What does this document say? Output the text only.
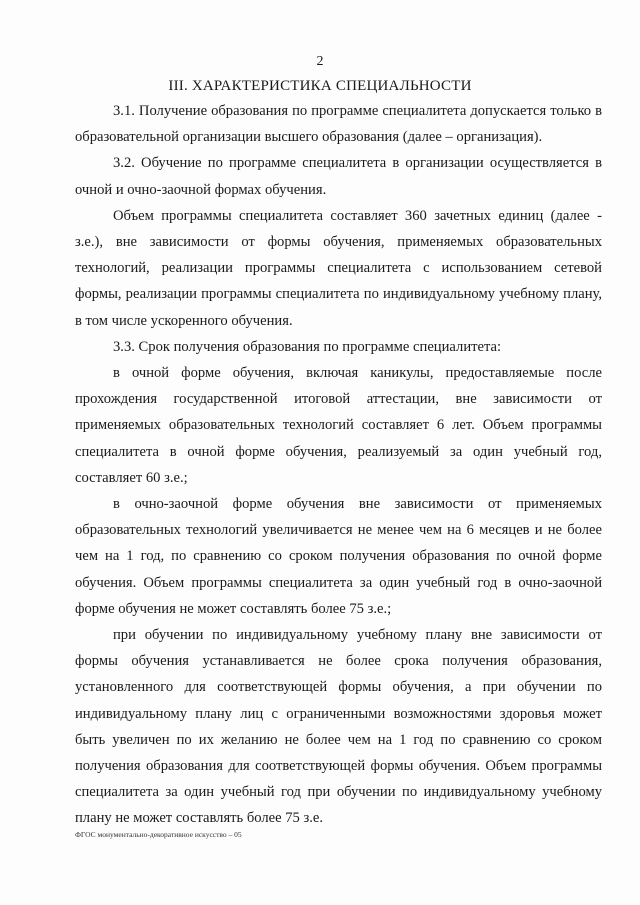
2
III. ХАРАКТЕРИСТИКА СПЕЦИАЛЬНОСТИ

3.1. Получение образования по программе специалитета допускается только в образовательной организации высшего образования (далее – организация).

3.2. Обучение по программе специалитета в организации осуществляется в очной и очно-заочной формах обучения.

Объем программы специалитета составляет 360 зачетных единиц (далее - з.е.), вне зависимости от формы обучения, применяемых образовательных технологий, реализации программы специалитета с использованием сетевой формы, реализации программы специалитета по индивидуальному учебному плану, в том числе ускоренного обучения.

3.3. Срок получения образования по программе специалитета:

в очной форме обучения, включая каникулы, предоставляемые после прохождения государственной итоговой аттестации, вне зависимости от применяемых образовательных технологий составляет 6 лет. Объем программы специалитета в очной форме обучения, реализуемый за один учебный год, составляет 60 з.е.;

в очно-заочной форме обучения вне зависимости от применяемых образовательных технологий увеличивается не менее чем на 6 месяцев и не более чем на 1 год, по сравнению со сроком получения образования по очной форме обучения. Объем программы специалитета за один учебный год в очно-заочной форме обучения не может составлять более 75 з.е.;

при обучении по индивидуальному учебному плану вне зависимости от формы обучения устанавливается не более срока получения образования, установленного для соответствующей формы обучения, а при обучении по индивидуальному плану лиц с ограниченными возможностями здоровья может быть увеличен по их желанию не более чем на 1 год по сравнению со сроком получения образования для соответствующей формы обучения. Объем программы специалитета за один учебный год при обучении по индивидуальному учебному плану не может составлять более 75 з.е.

ФГОС монументально-декоративное искусство – 05
